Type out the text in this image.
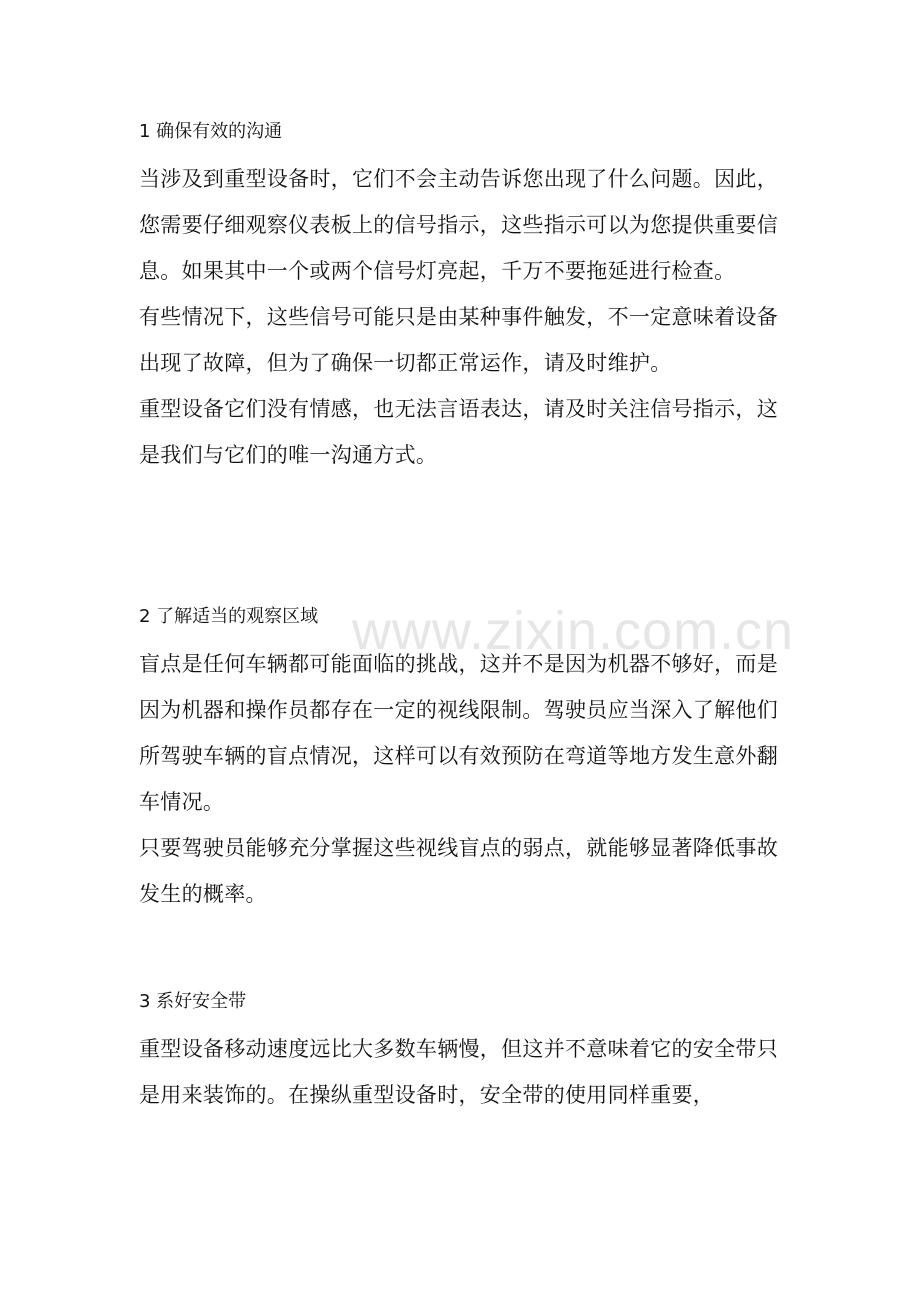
www.zixin.com.cn
1 确保有效的沟通

当涉及到重型设备时，它们不会主动告诉您出现了什么问题。因此，您需要仔细观察仪表板上的信号指示，这些指示可以为您提供重要信息。如果其中一个或两个信号灯亮起，千万不要拖延进行检查。

有些情况下，这些信号可能只是由某种事件触发，不一定意味着设备出现了故障，但为了确保一切都正常运作，请及时维护。

重型设备它们没有情感，也无法言语表达，请及时关注信号指示，这是我们与它们的唯一沟通方式。

2 了解适当的观察区域

盲点是任何车辆都可能面临的挑战，这并不是因为机器不够好，而是因为机器和操作员都存在一定的视线限制。驾驶员应当深入了解他们所驾驶车辆的盲点情况，这样可以有效预防在弯道等地方发生意外翻车情况。

只要驾驶员能够充分掌握这些视线盲点的弱点，就能够显著降低事故发生的概率。

3 系好安全带

重型设备移动速度远比大多数车辆慢，但这并不意味着它的安全带只是用来装饰的。在操纵重型设备时，安全带的使用同样重要，
